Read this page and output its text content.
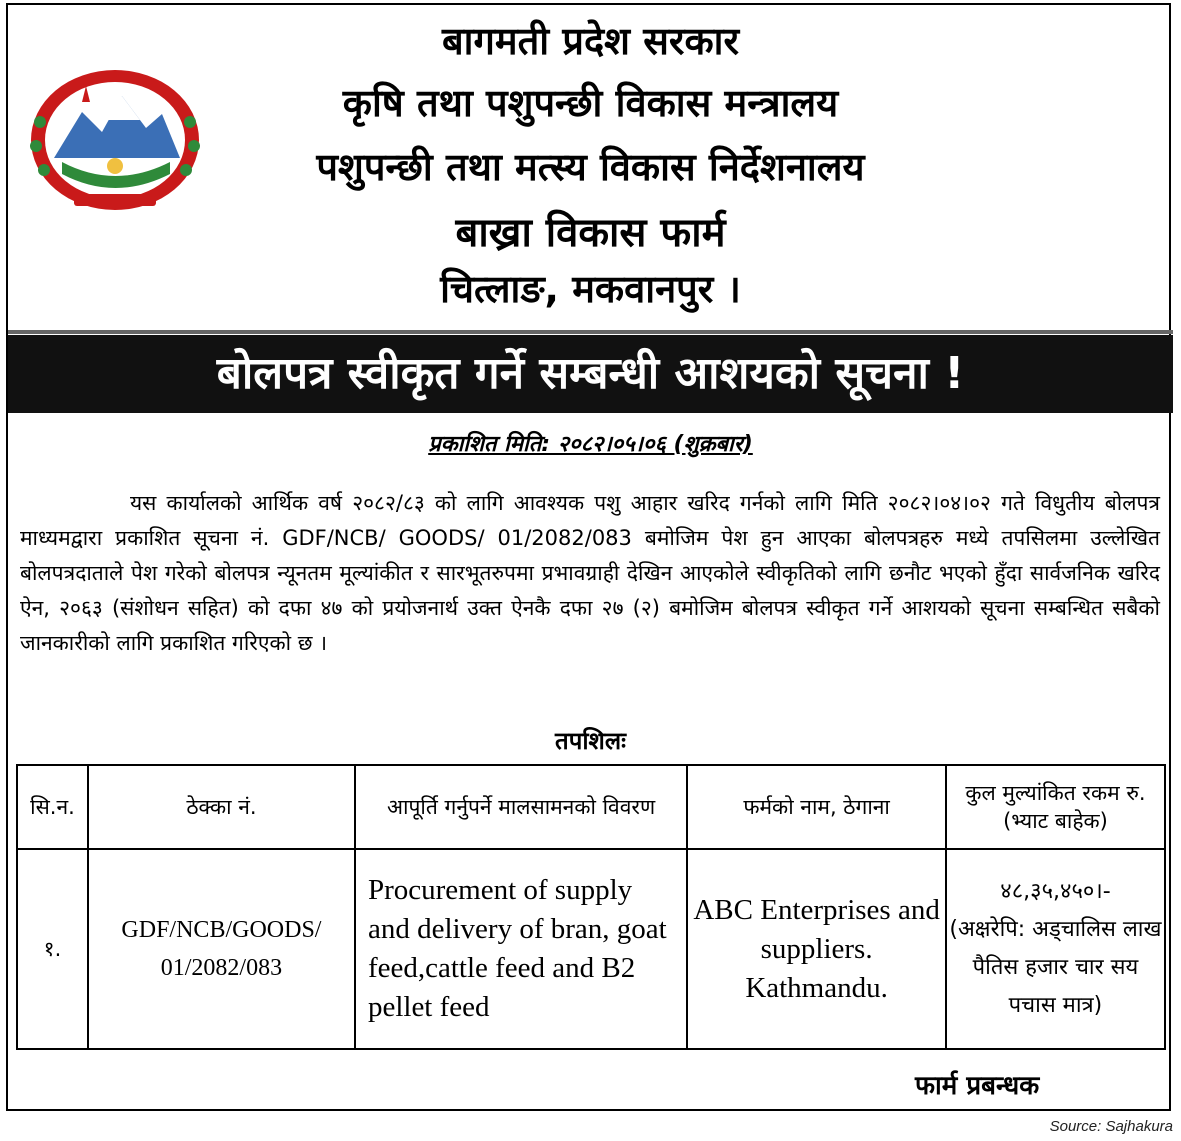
बागमती प्रदेश सरकार
कृषि तथा पशुपन्छी विकास मन्त्रालय
पशुपन्छी तथा मत्स्य विकास निर्देशनालय
बाख्रा विकास फार्म
चित्लाङ, मकवानपुर ।
बोलपत्र स्वीकृत गर्ने सम्बन्धी आशयको सूचना !
प्रकाशित मिति: २०८२।०५।०६ (शुक्रबार)
यस कार्यालको आर्थिक वर्ष २०८२/८३ को लागि आवश्यक पशु आहार खरिद गर्नको लागि मिति २०८२।०४।०२ गते विधुतीय बोलपत्र माध्यमद्वारा प्रकाशित सूचना नं. GDF/NCB/ GOODS/ 01/2082/083 बमोजिम पेश हुन आएका बोलपत्रहरु मध्ये तपसिलमा उल्लेखित बोलपत्रदाताले पेश गरेको बोलपत्र न्यूनतम मूल्यांकीत र सारभूतरुपमा प्रभावग्राही देखिन आएकोले स्वीकृतिको लागि छनौट भएको हुँदा सार्वजनिक खरिद ऐन, २०६३ (संशोधन सहित) को दफा ४७ को प्रयोजनार्थ उक्त ऐनकै दफा २७ (२) बमोजिम बोलपत्र स्वीकृत गर्ने आशयको सूचना सम्बन्धित सबैको जानकारीको लागि प्रकाशित गरिएको छ ।
तपशिलः
सि.न.	ठेक्का नं.	आपूर्ति गर्नुपर्ने मालसामनको विवरण	फर्मको नाम, ठेगाना	कुल मुल्यांकित रकम रु.(भ्याट बाहेक)
१.	GDF/NCB/GOODS/ 01/2082/083	Procurement of supply and delivery of bran, goat feed,cattle feed and B2 pellet feed	ABC Enterprises and suppliers. Kathmandu.	४८,३५,४५०।-
(अक्षरेपि: अड्चालिस लाख पैतिस हजार चार सय पचास मात्र)
फार्म प्रबन्धक
Source: Sajhakura
